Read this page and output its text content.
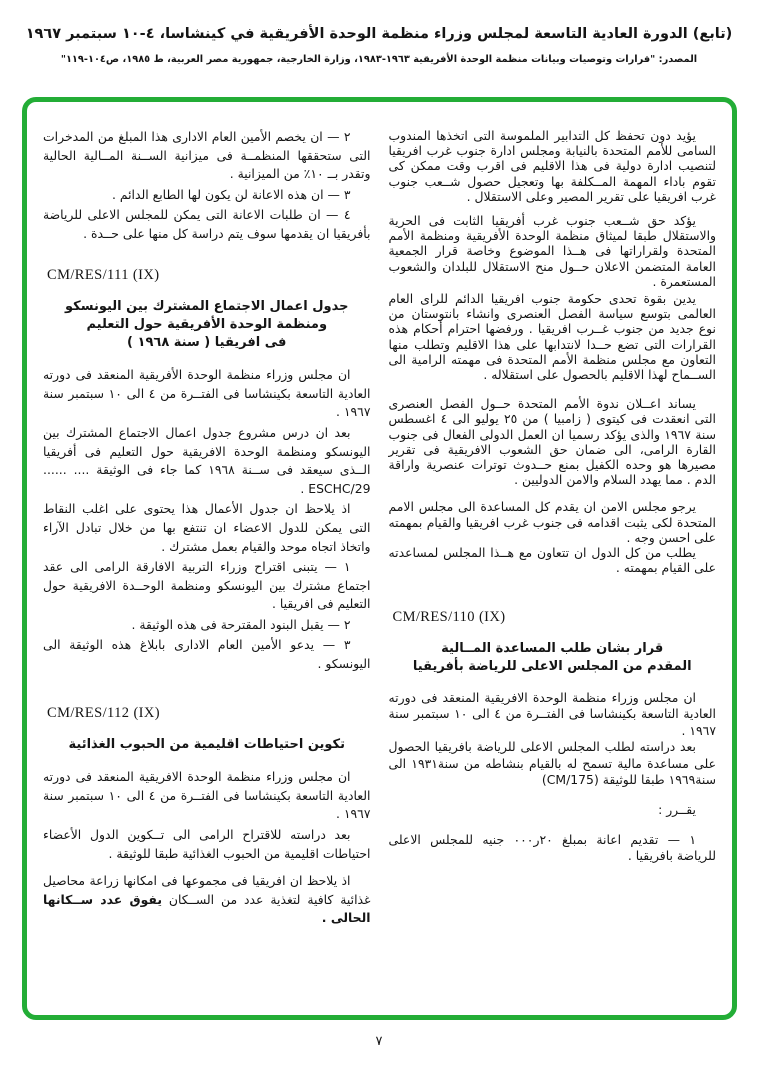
(تابع) الدورة العادية التاسعة لمجلس وزراء منظمة الوحدة الأفريقية في كينشاسا، ٤-١٠ سبتمبر ١٩٦٧
المصدر: "قرارات وتوصيات وبيانات منظمة الوحدة الأفريقية ١٩٦٣-١٩٨٣، وزارة الخارجية، جمهورية مصر العربية، ط ١٩٨٥، ص١٠٤-١١٩"

يؤيد دون تحفظ كل التدابير الملموسة التى اتخذها المندوب السامى للأمم المتحدة بالنيابة ومجلس ادارة جنوب غرب افريقيا لتنصيب ادارة دولية فى هذا الاقليم فى اقرب وقت ممكن كى تقوم باداء المهمة المــكلفة بها وتعجيل حصول شــعب جنوب غرب افريقيا على تقرير المصير وعلى الاستقلال .

يؤكد حق شــعب جنوب غرب أفريقيا الثابت فى الحرية والاستقلال طبقا لميثاق منظمة الوحدة الأفريقية ومنظمة الأمم المتحدة ولقراراتها فى هــذا الموضوع وخاصة قرار الجمعية العامة المتضمن الاعلان حــول منح الاستقلال للبلدان والشعوب المستعمرة .

يدين بقوة تحدى حكومة جنوب افريقيا الدائم للراى العام العالمى بتوسع سياسة الفصل العنصرى وانشاء بانتوستان من نوع جديد من جنوب غــرب افريقيا . ورفضها احترام أحكام هذه القرارات التى تضع حــدا لانتدابها على هذا الاقليم وتطلب منها التعاون مع مجلس منظمة الأمم المتحدة فى مهمته الرامية الى الســماح لهذا الاقليم بالحصول على استقلاله .

يساند اعــلان ندوة الأمم المتحدة حــول الفصل العنصرى التى انعقدت فى كيتوى ( زامبيا ) من ٢٥ يوليو الى ٤ اغسطس سنة ١٩٦٧ والذى يؤكد رسميا ان العمل الدولى الفعال فى جنوب القارة الرامى، الى ضمان حق الشعوب الافريقية فى تقرير مصيرها هو وحده الكفيل بمنع حــدوث توترات عنصرية واراقة الدم . مما يهدد السلام والامن الدوليين .

يرجو مجلس الامن ان يقدم كل المساعدة الى مجلس الامم المتحدة لكى يثبت اقدامه فى جنوب غرب افريقيا والقيام بمهمته على احسن وجه .

يطلب من كل الدول ان تتعاون مع هــذا المجلس لمساعدته على القيام بمهمته .

CM/RES/110 (IX)

قرار بشان طلب المساعدة المــالية
المقدم من المجلس الاعلى للرياضة بأفريقيا

ان مجلس وزراء منظمة الوحدة الافريقية المنعقد فى دورته العادية التاسعة بكينشاسا فى الفتــرة من ٤ الى ١٠ سبتمبر سنة ١٩٦٧ .

بعد دراسته لطلب المجلس الاعلى للرياضة بافريقيا الحصول على مساعدة مالية تسمح له بالقيام بنشاطه من سنة١٩٣١ الى سنة١٩٦٩ طبقا للوثيقة (CM/175)

يقــرر :

١ — تقديم اعانة بمبلغ ٢٠ر٠٠٠ جنيه للمجلس الاعلى للرياضة بافريقيا .

٢ — ان يخصم الأمين العام الادارى هذا المبلغ من المدخرات التى ستحققها المنظمــة فى ميزانية الســنة المــالية الحالية وتقدر بــ ١٠٪ من الميزانية .

٣ — ان هذه الاعانة لن يكون لها الطابع الدائم .

٤ — ان طلبات الاعانة التى يمكن للمجلس الاعلى للرياضة بأفريقيا ان يقدمها سوف يتم دراسة كل منها على حــدة .

CM/RES/111 (IX)

جدول اعمال الاجتماع المشترك بين اليونسكو
ومنظمة الوحدة الأفريقية حول التعليم
فى افريقيا ( سنة ١٩٦٨ )

ان مجلس وزراء منظمة الوحدة الأفريقية المنعقد فى دورته العادية التاسعة بكينشاسا فى الفتــرة من ٤ الى ١٠ سبتمبر سنة ١٩٦٧ .

بعد ان درس مشروع جدول اعمال الاجتماع المشترك بين اليونسكو ومنظمة الوحدة الافريقية حول التعليم فى أفريقيا الــذى سيعقد فى ســنة ١٩٦٨ كما جاء فى الوثيقة .... ...... ESCHC/29 .

اذ يلاحظ ان جدول الأعمال هذا يحتوى على اغلب النقاط التى يمكن للدول الاعضاء ان تنتفع بها من خلال تبادل الآراء واتخاذ اتجاه موحد والقيام بعمل مشترك .

١ — يتبنى اقتراح وزراء التربية الافارقة الرامى الى عقد اجتماع مشترك بين اليونسكو ومنظمة الوحــدة الافريقية حول التعليم فى افريقيا .

٢ — يقبل البنود المقترحة فى هذه الوثيقة .

٣ — يدعو الأمين العام الادارى بابلاغ هذه الوثيقة الى اليونسكو .

CM/RES/112 (IX)

تكوين احتياطات اقليمية من الحبوب الغذائية

ان مجلس وزراء منظمة الوحدة الافريقية المنعقد فى دورته العادية التاسعة بكينشاسا فى الفتــرة من ٤ الى ١٠ سبتمبر سنة ١٩٦٧ .

بعد دراسته للاقتراح الرامى الى تــكوين الدول الأعضاء احتياطات اقليمية من الحبوب الغذائية طبقا للوثيقة .

اذ يلاحظ ان افريقيا فى مجموعها فى امكانها زراعة محاصيل غذائية كافية لتغذية عدد من الســكان يفوق عدد ســكانها الحالى .

٧
